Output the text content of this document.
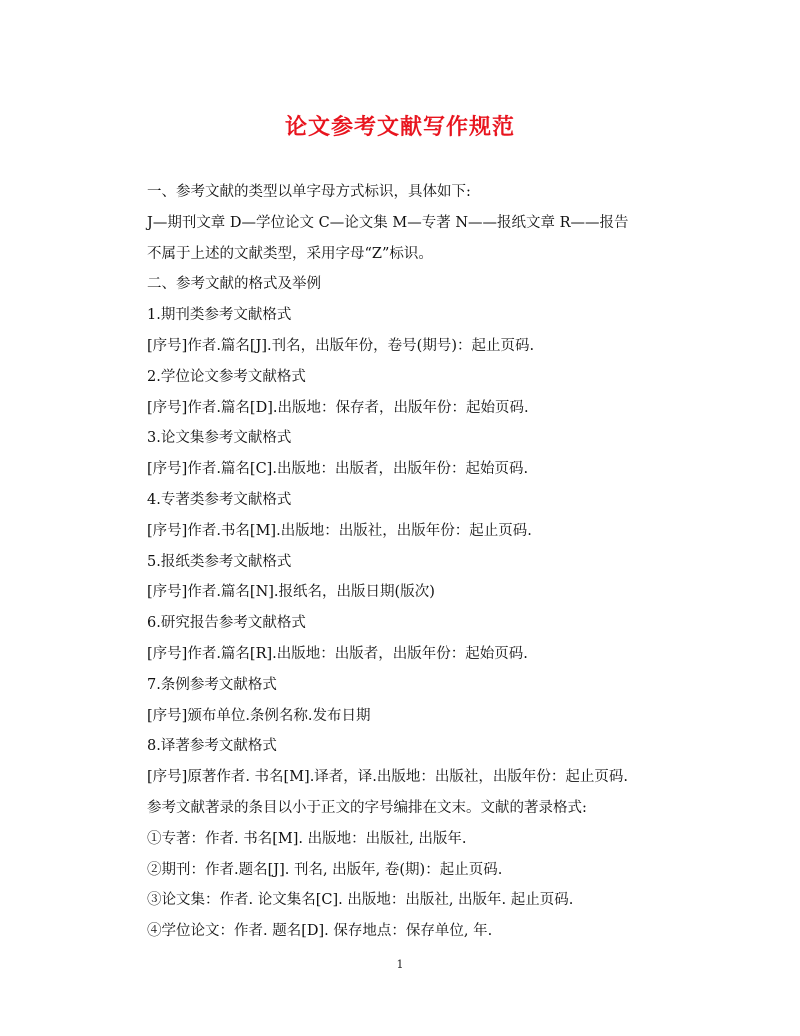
论文参考文献写作规范
一、参考文献的类型以单字母方式标识，具体如下:
J—期刊文章 D—学位论文 C—论文集 M—专著 N——报纸文章 R——报告
不属于上述的文献类型，采用字母“Z”标识。
二、参考文献的格式及举例
1.期刊类参考文献格式
[序号]作者.篇名[J].刊名，出版年份，卷号(期号)：起止页码.
2.学位论文参考文献格式
[序号]作者.篇名[D].出版地：保存者，出版年份：起始页码.
3.论文集参考文献格式
[序号]作者.篇名[C].出版地：出版者，出版年份：起始页码.
4.专著类参考文献格式
[序号]作者.书名[M].出版地：出版社，出版年份：起止页码.
5.报纸类参考文献格式
[序号]作者.篇名[N].报纸名，出版日期(版次)
6.研究报告参考文献格式
[序号]作者.篇名[R].出版地：出版者，出版年份：起始页码.
7.条例参考文献格式
[序号]颁布单位.条例名称.发布日期
8.译著参考文献格式
[序号]原著作者. 书名[M].译者，译.出版地：出版社，出版年份：起止页码.
参考文献著录的条目以小于正文的字号编排在文末。文献的著录格式:
①专著：作者. 书名[M]. 出版地：出版社, 出版年.
②期刊：作者.题名[J]. 刊名, 出版年, 卷(期)：起止页码.
③论文集：作者. 论文集名[C]. 出版地：出版社, 出版年. 起止页码.
④学位论文：作者. 题名[D]. 保存地点：保存单位, 年.
1
